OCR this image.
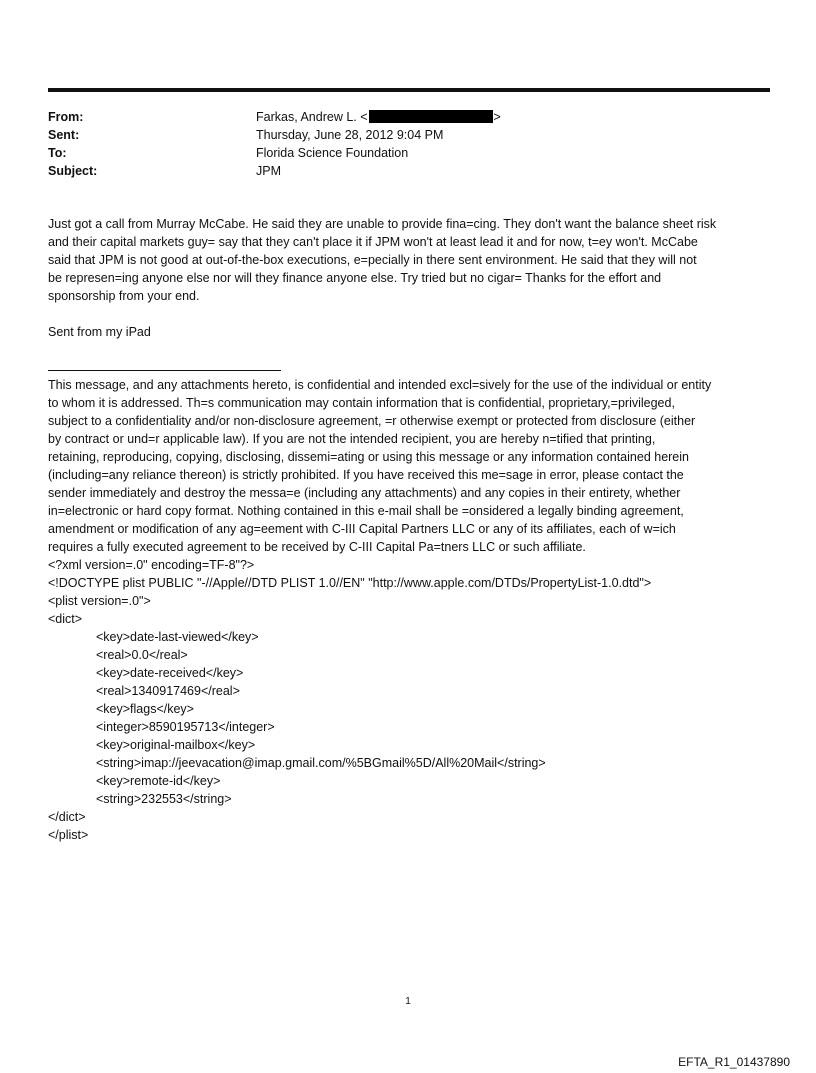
From:	Farkas, Andrew L. <	>
Sent:	Thursday, June 28, 2012 9:04 PM
To:	Florida Science Foundation
Subject:	JPM

Just got a call from Murray McCabe. He said they are unable to provide fina=cing. They don't want the balance sheet risk

and their capital markets guy= say that they can't place it if JPM won't at least lead it and for now, t=ey won't. McCabe

said that JPM is not good at out-of-the-box executions, e=pecially in there sent environment. He said that they will not

be represen=ing anyone else nor will they finance anyone else. Try tried but no cigar= Thanks for the effort and

sponsorship from your end.

Sent from my iPad

This message, and any attachments hereto, is confidential and intended excl=sively for the use of the individual or entity

to whom it is addressed. Th=s communication may contain information that is confidential, proprietary,=privileged,

subject to a confidentiality and/or non-disclosure agreement, =r otherwise exempt or protected from disclosure (either

by contract or und=r applicable law). If you are not the intended recipient, you are hereby n=tified that printing,

retaining, reproducing, copying, disclosing, dissemi=ating or using this message or any information contained herein

(including=any reliance thereon) is strictly prohibited. If you have received this me=sage in error, please contact the

sender immediately and destroy the messa=e (including any attachments) and any copies in their entirety, whether

in=electronic or hard copy format. Nothing contained in this e-mail shall be =onsidered a legally binding agreement,

amendment or modification of any ag=eement with C-III Capital Partners LLC or any of its affiliates, each of w=ich

requires a fully executed agreement to be received by C-III Capital Pa=tners LLC or such affiliate.

<?xml version=.0" encoding=TF-8"?>
<!DOCTYPE plist PUBLIC "-//Apple//DTD PLIST 1.0//EN" "http://www.apple.com/DTDs/PropertyList-1.0.dtd">
<plist version=.0">
<dict>
<key>date-last-viewed</key>
<real>0.0</real>
<key>date-received</key>
<real>1340917469</real>
<key>flags</key>
<integer>8590195713</integer>
<key>original-mailbox</key>
<string>imap://jeevacation@imap.gmail.com/%5BGmail%5D/All%20Mail</string>
<key>remote-id</key>
<string>232553</string>
</dict>
</plist>
1
EFTA_R1_01437890
